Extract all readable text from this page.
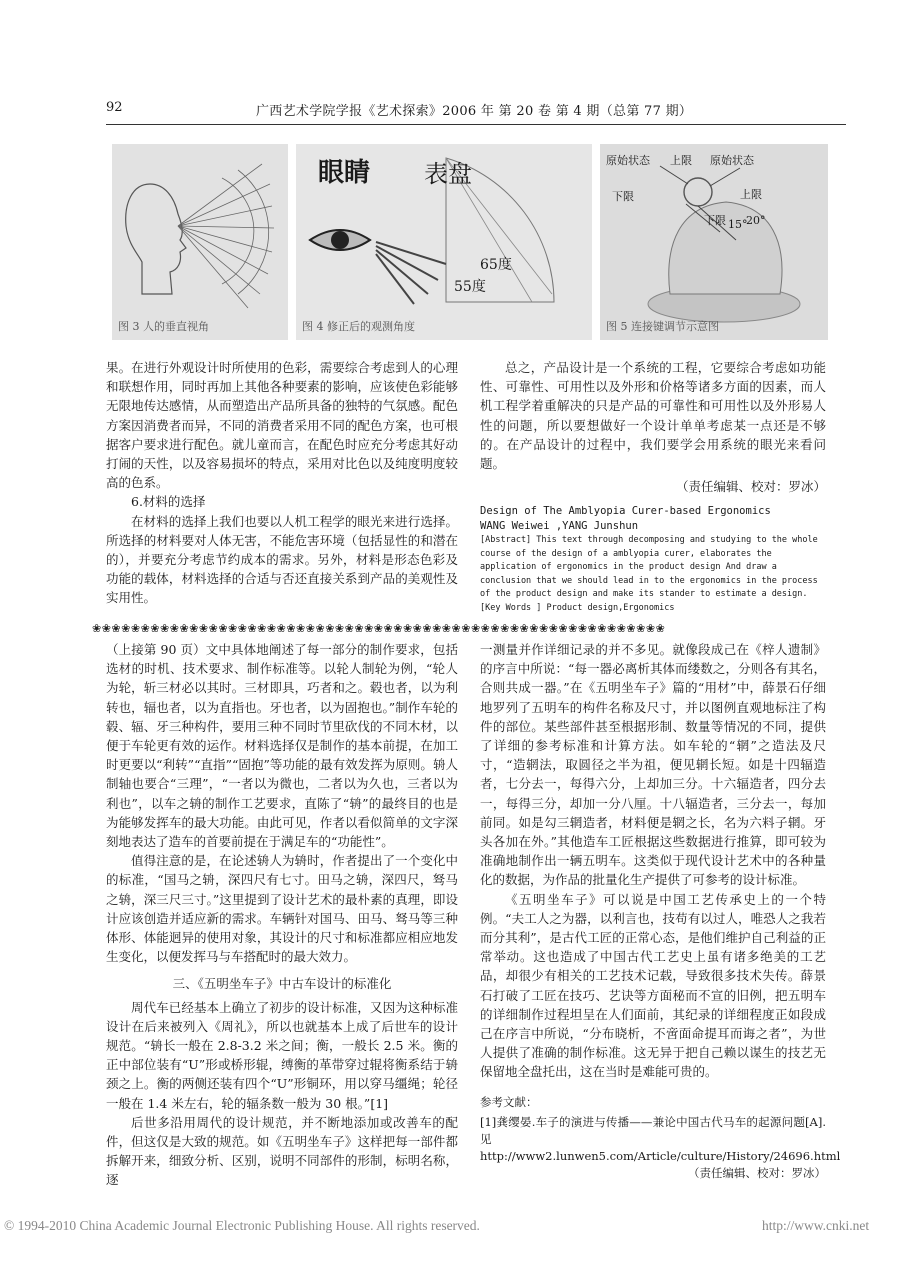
92	广西艺术学院学报《艺术探索》2006 年 第 20 卷 第 4 期（总第 77 期）
图 3 人的垂直视角
眼睛 表盘
65度
55度
图 4 修正后的观测角度
原始状态 上限 原始状态
下限	上限
下限 15°
20°
图 5 连接键调节示意图

果。在进行外观设计时所使用的色彩，需要综合考虑到人的心理和联想作用，同时再加上其他各种要素的影响，应该使色彩能够无限地传达感情，从而塑造出产品所具备的独特的气氛感。配色方案因消费者而异，不同的消费者采用不同的配色方案，也可根据客户要求进行配色。就儿童而言，在配色时应充分考虑其好动打闹的天性，以及容易损坏的特点，采用对比色以及纯度明度较高的色系。

6.材料的选择

在材料的选择上我们也要以人机工程学的眼光来进行选择。所选择的材料要对人体无害，不能危害环境（包括显性的和潜在的），并要充分考虑节约成本的需求。另外，材料是形态色彩及功能的载体，材料选择的合适与否还直接关系到产品的美观性及实用性。

总之，产品设计是一个系统的工程，它要综合考虑如功能性、可靠性、可用性以及外形和价格等诸多方面的因素，而人机工程学着重解决的只是产品的可靠性和可用性以及外形易人性的问题，所以要想做好一个设计单单考虑某一点还是不够的。在产品设计的过程中，我们要学会用系统的眼光来看问题。

（责任编辑、校对：罗冰）

Design of The Amblyopia Curer-based Ergonomics

WANG Weiwei ,YANG Junshun

[Abstract] This text through decomposing and studying to the whole course of the design of a amblyopia curer, elaborates the application of ergonomics in the product design And draw a conclusion that we should lead in to the ergonomics in the process of the product design and make its stander to estimate a design.

[Key Words ] Product design,Ergonomics

❀❀❀❀❀❀❀❀❀❀❀❀❀❀❀❀❀❀❀❀❀❀❀❀❀❀❀❀❀❀❀❀❀❀❀❀❀❀❀❀❀❀❀❀❀❀❀❀❀❀❀❀❀❀❀❀❀❀❀

（上接第 90 页）文中具体地阐述了每一部分的制作要求，包括选材的时机、技术要求、制作标准等。以轮人制轮为例，“轮人为轮，斩三材必以其时。三材即具，巧者和之。毂也者，以为利转也，辐也者，以为直指也。牙也者，以为固抱也。”制作车轮的毂、辐、牙三种构件，要用三种不同时节里砍伐的不同木材，以便于车轮更有效的运作。材料选择仅是制作的基本前提，在加工时更要以“利转”“直指”“固抱”等功能的最有效发挥为原则。辀人制轴也要合“三理”，“一者以为微也，二者以为久也，三者以为利也”，以车之辀的制作工艺要求，直陈了“辀”的最终目的也是为能够发挥车的最大功能。由此可见，作者以看似简单的文字深刻地表达了造车的首要前提在于满足车的“功能性”。

值得注意的是，在论述辀人为辀时，作者提出了一个变化中的标准，“国马之辀，深四尺有七寸。田马之辀，深四尺，驽马之辀，深三尺三寸。”这里提到了设计艺术的最朴素的真理，即设计应该创造并适应新的需求。车辆针对国马、田马、驽马等三种体形、体能迥异的使用对象，其设计的尺寸和标准都应相应地发生变化，以便发挥马与车搭配时的最大效力。

三、《五明坐车子》中古车设计的标准化

周代车已经基本上确立了初步的设计标准，又因为这种标准设计在后来被列入《周礼》，所以也就基本上成了后世车的设计规范。“辀长一般在 2.8-3.2 米之间；衡，一般长 2.5 米。衡的正中部位装有“U”形或桥形辊，缚衡的革带穿过辊将衡系结于辀颈之上。衡的两侧还装有四个“U”形铜环，用以穿马缰绳；轮径一般在 1.4 米左右，轮的辐条数一般为 30 根。”[1]

后世多沿用周代的设计规范，并不断地添加或改善车的配件，但这仅是大致的规范。如《五明坐车子》这样把每一部件都拆解开来，细致分析、区别，说明不同部件的形制，标明名称，逐

一测量并作详细记录的并不多见。就像段成己在《梓人遗制》的序言中所说：“每一器必离析其体而缕数之，分则各有其名，合则共成一器。”在《五明坐车子》篇的“用材”中，薛景石仔细地罗列了五明车的构件名称及尺寸，并以图例直观地标注了构件的部位。某些部件甚至根据形制、数量等情况的不同，提供了详细的参考标准和计算方法。如车轮的“辋”之造法及尺寸，“造辋法，取圆径之半为祖，便见辋长短。如是十四辐造者，七分去一，每得六分，上却加三分。十六辐造者，四分去一，每得三分，却加一分八厘。十八辐造者，三分去一，每加前同。如是勾三辋造者，材料便是辋之长，名为六料子辋。牙头各加在外。”其他造车工匠根据这些数据进行推算，即可较为准确地制作出一辆五明车。这类似于现代设计艺术中的各种量化的数据，为作品的批量化生产提供了可参考的设计标准。

《五明坐车子》可以说是中国工艺传承史上的一个特例。“夫工人之为器，以利言也，技苟有以过人，唯恐人之我若而分其利”，是古代工匠的正常心态，是他们维护自己利益的正常举动。这也造成了中国古代工艺史上虽有诸多绝美的工艺品，却很少有相关的工艺技术记载，导致很多技术失传。薛景石打破了工匠在技巧、艺诀等方面秘而不宣的旧例，把五明车的详细制作过程坦呈在人们面前，其纪录的详细程度正如段成己在序言中所说，“分布晓析，不啻面命提耳而诲之者”，为世人提供了准确的制作标准。这无异于把自己赖以谋生的技艺无保留地全盘托出，这在当时是难能可贵的。

参考文献：

[1]龚缨晏.车子的演进与传播——兼论中国古代马车的起源问题[A].见 http://www2.lunwen5.com/Article/culture/History/24696.html

（责任编辑、校对：罗冰）

© 1994-2010 China Academic Journal Electronic Publishing House. All rights reserved.	http://www.cnki.net
